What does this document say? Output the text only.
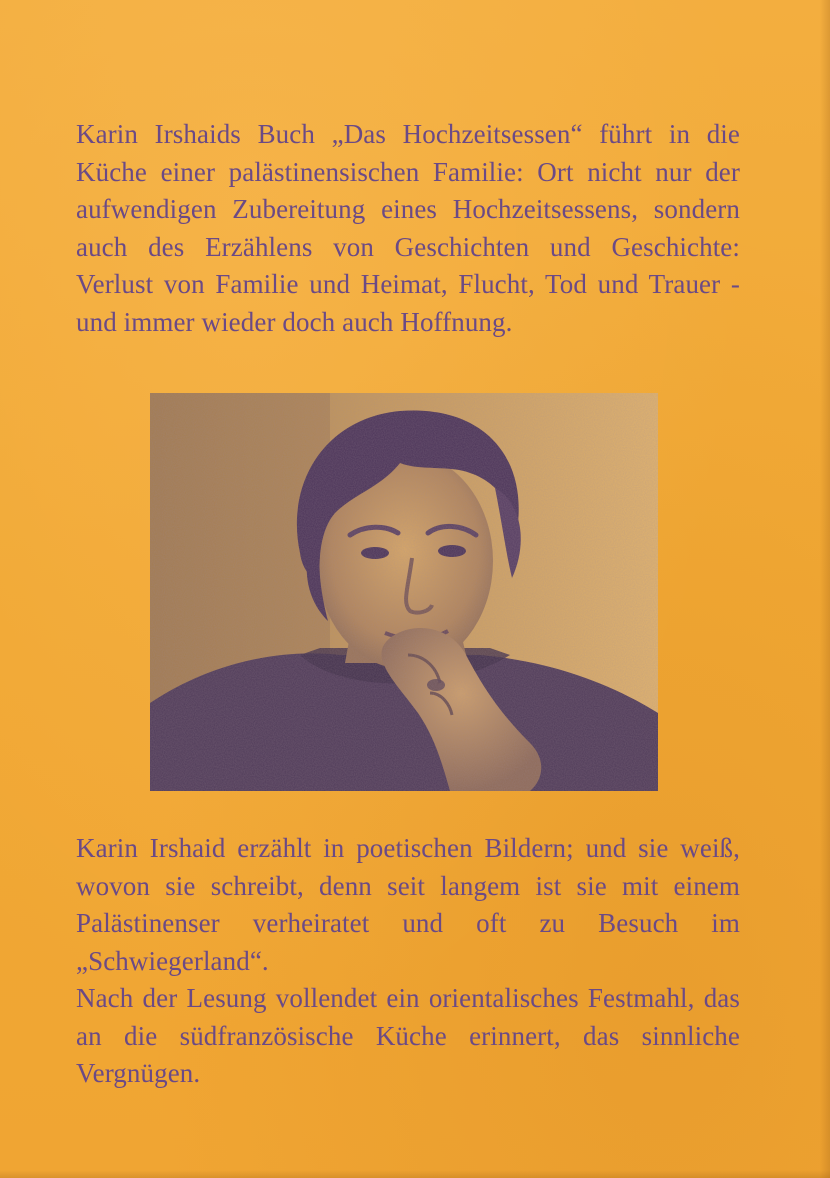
Karin Irshaids Buch „Das Hochzeitsessen“ führt in die Küche einer palästinensischen Familie: Ort nicht nur der aufwendigen Zubereitung eines Hochzeitsessens, sondern auch des Erzählens von Geschichten und Geschichte: Verlust von Familie und Heimat, Flucht, Tod und Trauer - und immer wieder doch auch Hoffnung.

Karin Irshaid erzählt in poetischen Bildern; und sie weiß, wovon sie schreibt, denn seit langem ist sie mit einem Palästinenser verheiratet und oft zu Besuch im „Schwiegerland“.

Nach der Lesung vollendet ein orientalisches Festmahl, das an die südfranzösische Küche erinnert, das sinnliche Vergnügen.
